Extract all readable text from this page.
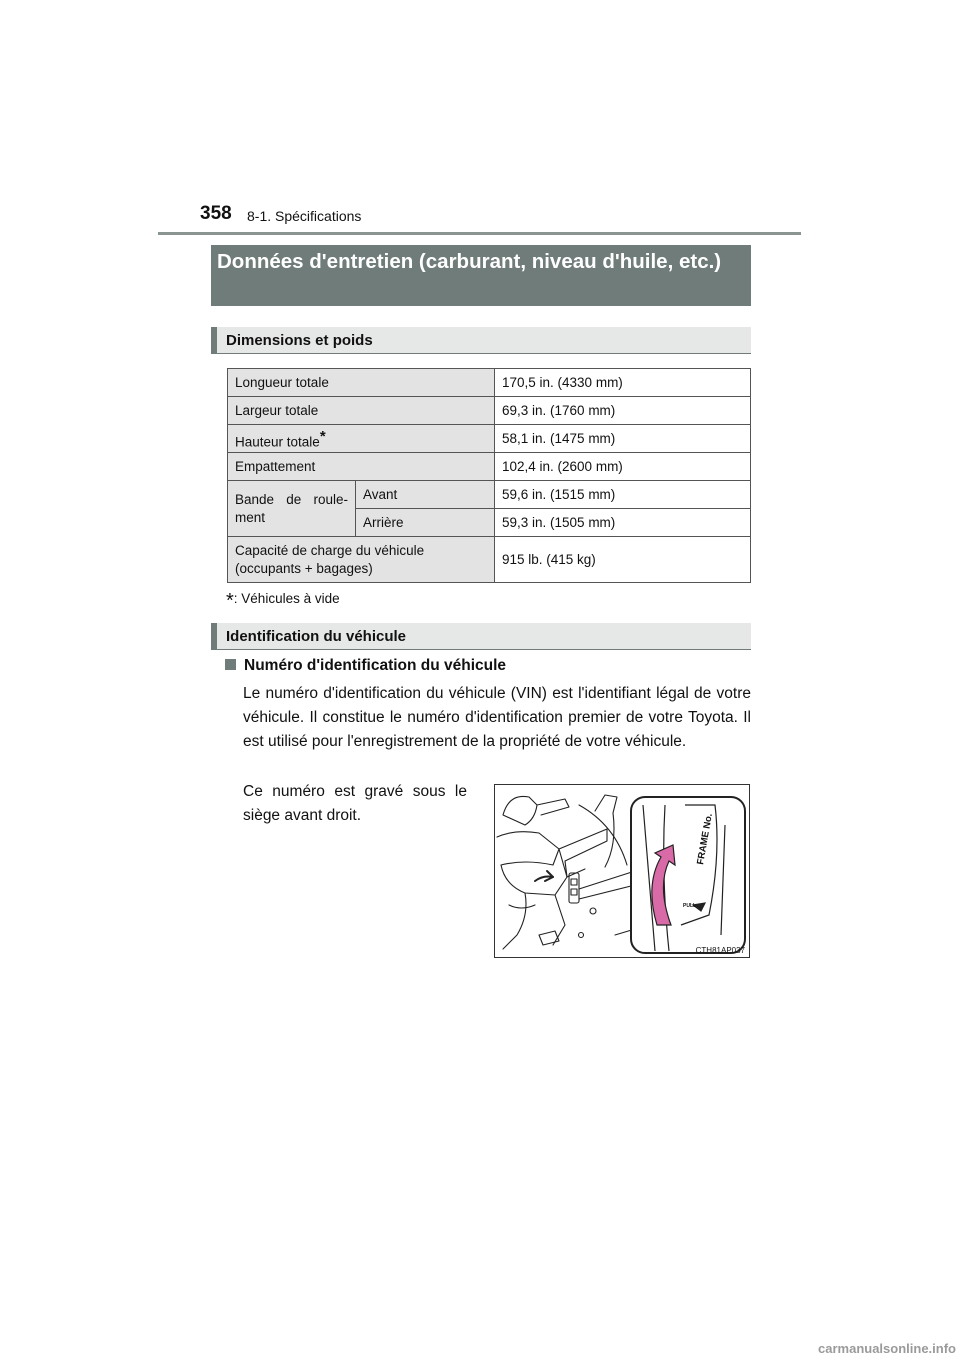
358 8-1. Spécifications
Données d'entretien (carburant, niveau d'huile, etc.)
Dimensions et poids
Longueur totale		170,5 in. (4330 mm)
Largeur totale		69,3 in. (1760 mm)
Hauteur totale*		58,1 in. (1475 mm)
Empattement		102,4 in. (2600 mm)
Bande de roule-ment	Avant	59,6 in. (1515 mm)
	Arrière	59,3 in. (1505 mm)
Capacité de charge du véhicule (occupants + bagages)		915 lb. (415 kg)
*: Véhicules à vide
Identification du véhicule
Numéro d'identification du véhicule

Le numéro d'identification du véhicule (VIN) est l'identifiant légal de votre véhicule. Il constitue le numéro d'identification premier de votre Toyota. Il est utilisé pour l'enregistrement de la propriété de votre véhicule.

Ce numéro est gravé sous le siège avant droit.	FRAME No.
PULL
CTH81AP037
carmanualsonline.info
